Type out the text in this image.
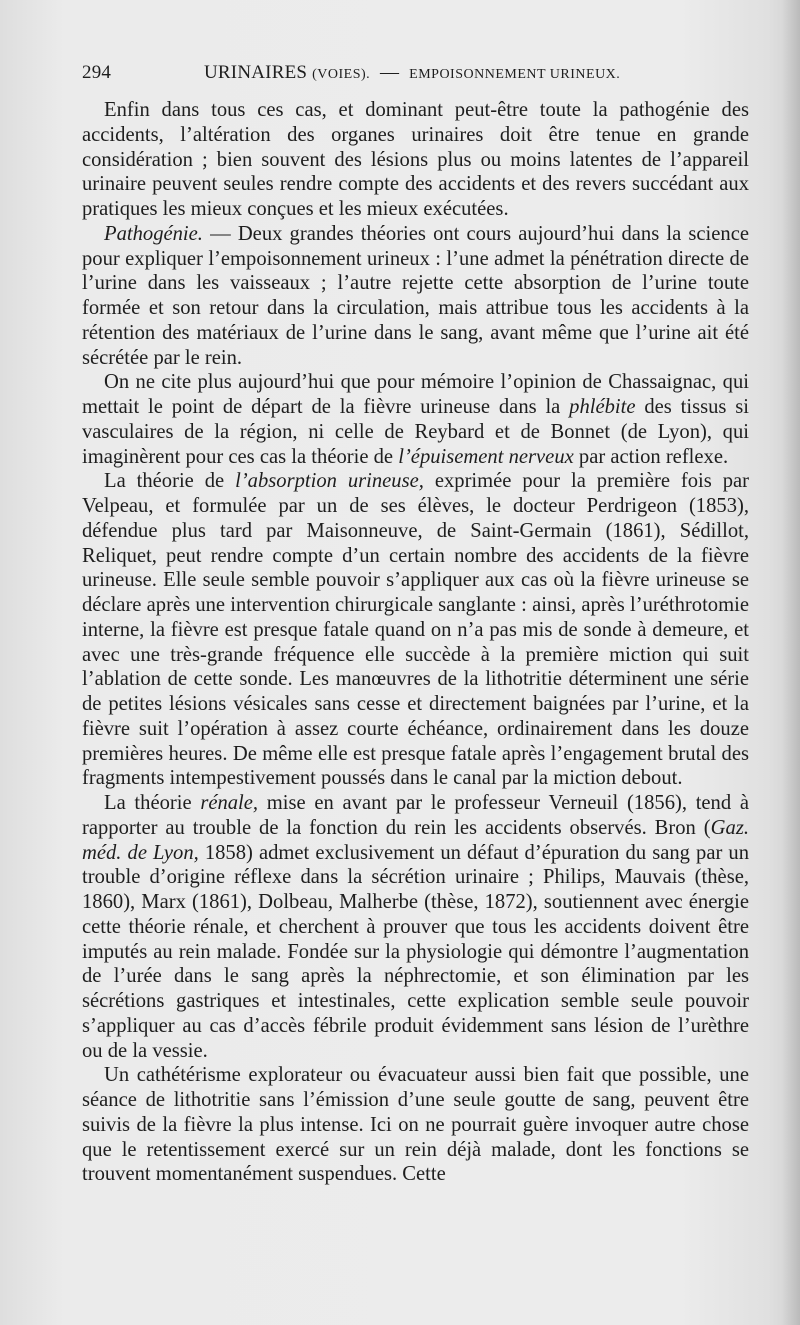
294	URINAIRES (VOIES). — EMPOISONNEMENT URINEUX.

Enfin dans tous ces cas, et dominant peut-être toute la pathogénie des accidents, l’altération des organes urinaires doit être tenue en grande considération ; bien souvent des lésions plus ou moins latentes de l’appareil urinaire peuvent seules rendre compte des accidents et des revers succédant aux pratiques les mieux conçues et les mieux exécutées.

Pathogénie. — Deux grandes théories ont cours aujourd’hui dans la science pour expliquer l’empoisonnement urineux : l’une admet la pénétration directe de l’urine dans les vaisseaux ; l’autre rejette cette absorption de l’urine toute formée et son retour dans la circulation, mais attribue tous les accidents à la rétention des matériaux de l’urine dans le sang, avant même que l’urine ait été sécrétée par le rein.

On ne cite plus aujourd’hui que pour mémoire l’opinion de Chassaignac, qui mettait le point de départ de la fièvre urineuse dans la phlébite des tissus si vasculaires de la région, ni celle de Reybard et de Bonnet (de Lyon), qui imaginèrent pour ces cas la théorie de l’épuisement nerveux par action reflexe.

La théorie de l’absorption urineuse, exprimée pour la première fois par Velpeau, et formulée par un de ses élèves, le docteur Perdrigeon (1853), défendue plus tard par Maisonneuve, de Saint-Germain (1861), Sédillot, Reliquet, peut rendre compte d’un certain nombre des accidents de la fièvre urineuse. Elle seule semble pouvoir s’appliquer aux cas où la fièvre urineuse se déclare après une intervention chirurgicale sanglante : ainsi, après l’uréthrotomie interne, la fièvre est presque fatale quand on n’a pas mis de sonde à demeure, et avec une très-grande fréquence elle succède à la première miction qui suit l’ablation de cette sonde. Les manœuvres de la lithotritie déterminent une série de petites lésions vésicales sans cesse et directement baignées par l’urine, et la fièvre suit l’opération à assez courte échéance, ordinairement dans les douze premières heures. De même elle est presque fatale après l’engagement brutal des fragments intempestivement poussés dans le canal par la miction debout.

La théorie rénale, mise en avant par le professeur Verneuil (1856), tend à rapporter au trouble de la fonction du rein les accidents observés. Bron (Gaz. méd. de Lyon, 1858) admet exclusivement un défaut d’épuration du sang par un trouble d’origine réflexe dans la sécrétion urinaire ; Philips, Mauvais (thèse, 1860), Marx (1861), Dolbeau, Malherbe (thèse, 1872), soutiennent avec énergie cette théorie rénale, et cherchent à prouver que tous les accidents doivent être imputés au rein malade. Fondée sur la physiologie qui démontre l’augmentation de l’urée dans le sang après la néphrectomie, et son élimination par les sécrétions gastriques et intestinales, cette explication semble seule pouvoir s’appliquer au cas d’accès fébrile produit évidemment sans lésion de l’urèthre ou de la vessie.

Un cathétérisme explorateur ou évacuateur aussi bien fait que possible, une séance de lithotritie sans l’émission d’une seule goutte de sang, peuvent être suivis de la fièvre la plus intense. Ici on ne pourrait guère invoquer autre chose que le retentissement exercé sur un rein déjà malade, dont les fonctions se trouvent momentanément suspendues. Cette
